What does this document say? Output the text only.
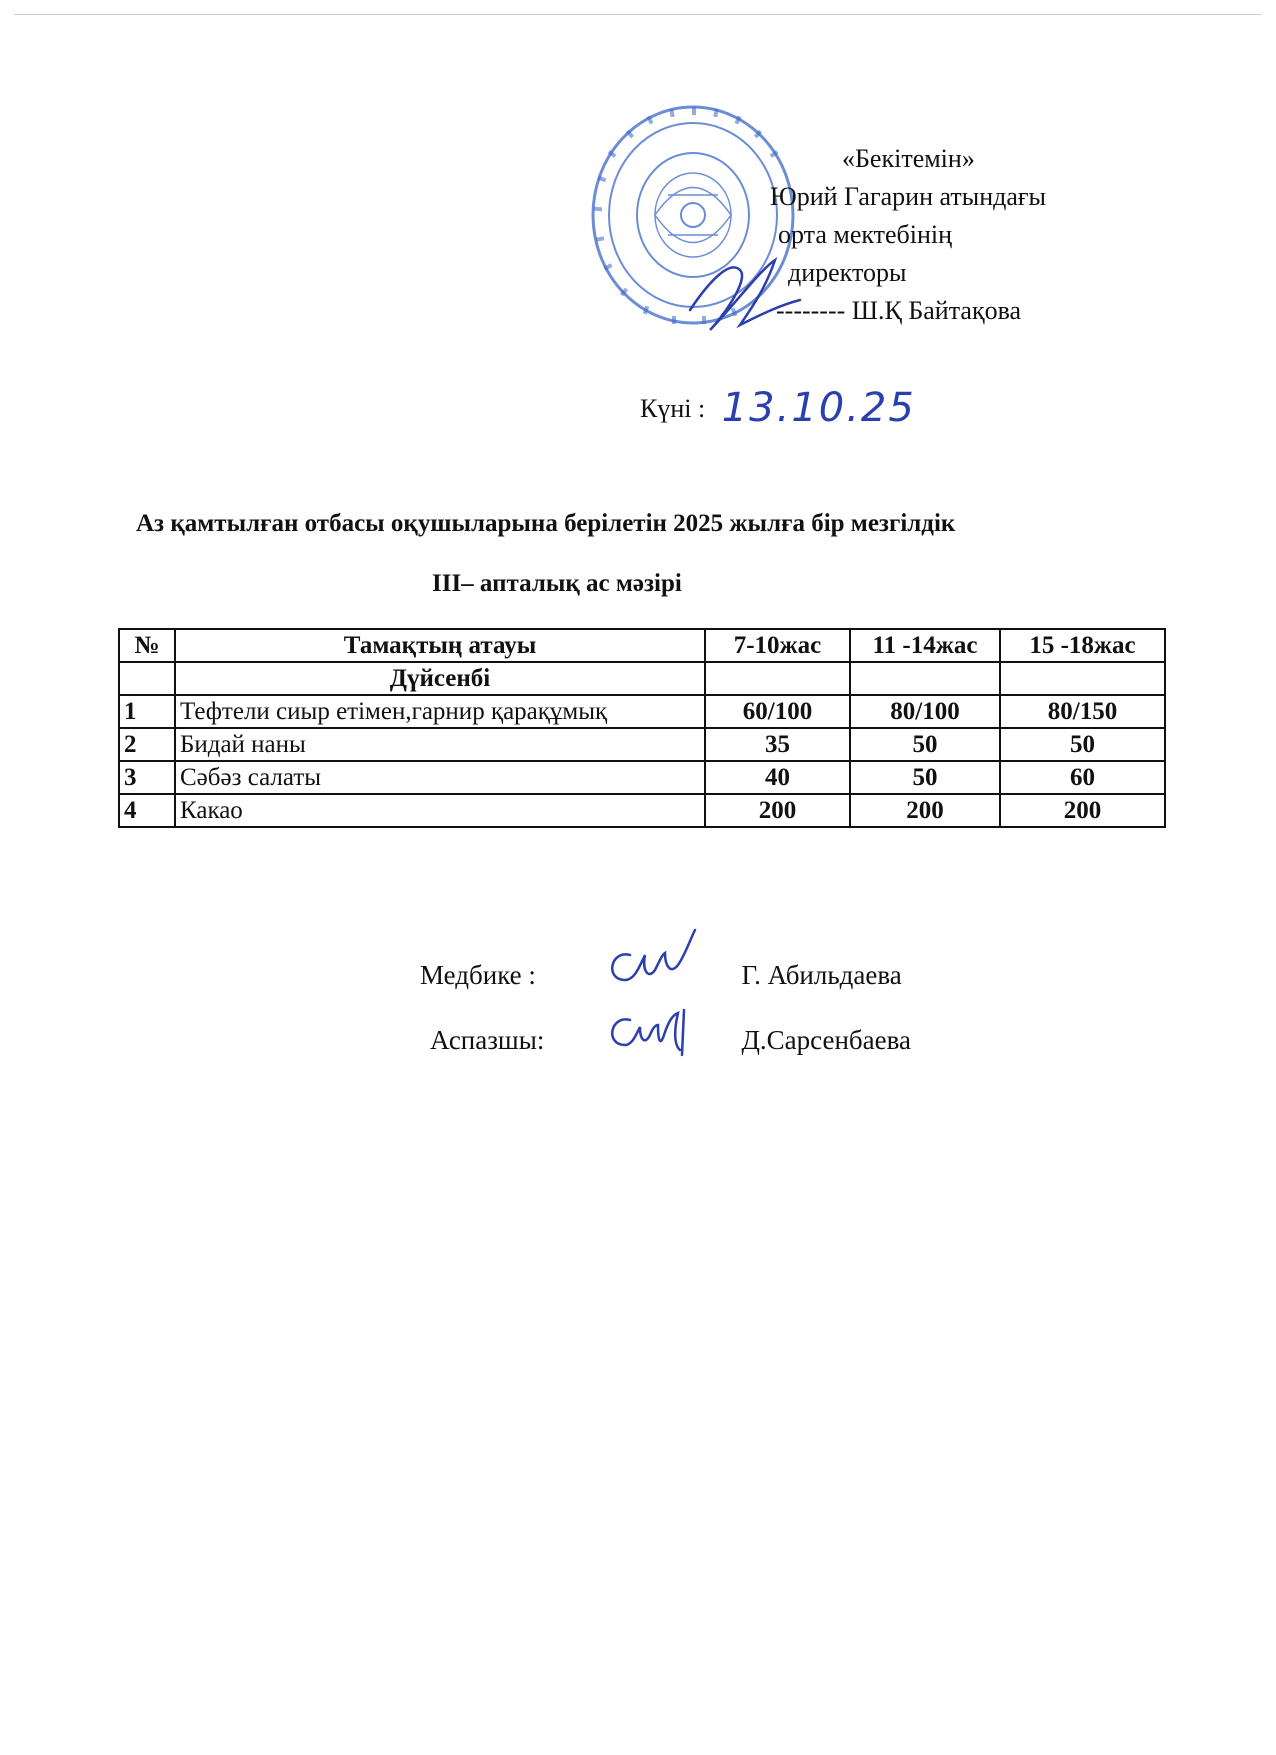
«Бекітемін»
Юрий Гагарин атындағы
орта мектебінің
директоры
-------- Ш.Қ Байтақова
Күні : 13.10.25
Аз қамтылған отбасы оқушыларына берілетін 2025 жылға бір мезгілдік
ІІІ– апталық ас мәзірі
№	Тамақтың атауы	7-10жас	11 -14жас	15 -18жас
	Дүйсенбі			
1	Тефтели сиыр етімен,гарнир қарақұмық	60/100	80/100	80/150
2	Бидай наны	35	50	50
3	Сәбәз салаты	40	50	60
4	Какао	200	200	200
Медбике :	Г. Абильдаева
Аспазшы:	Д.Сарсенбаева
